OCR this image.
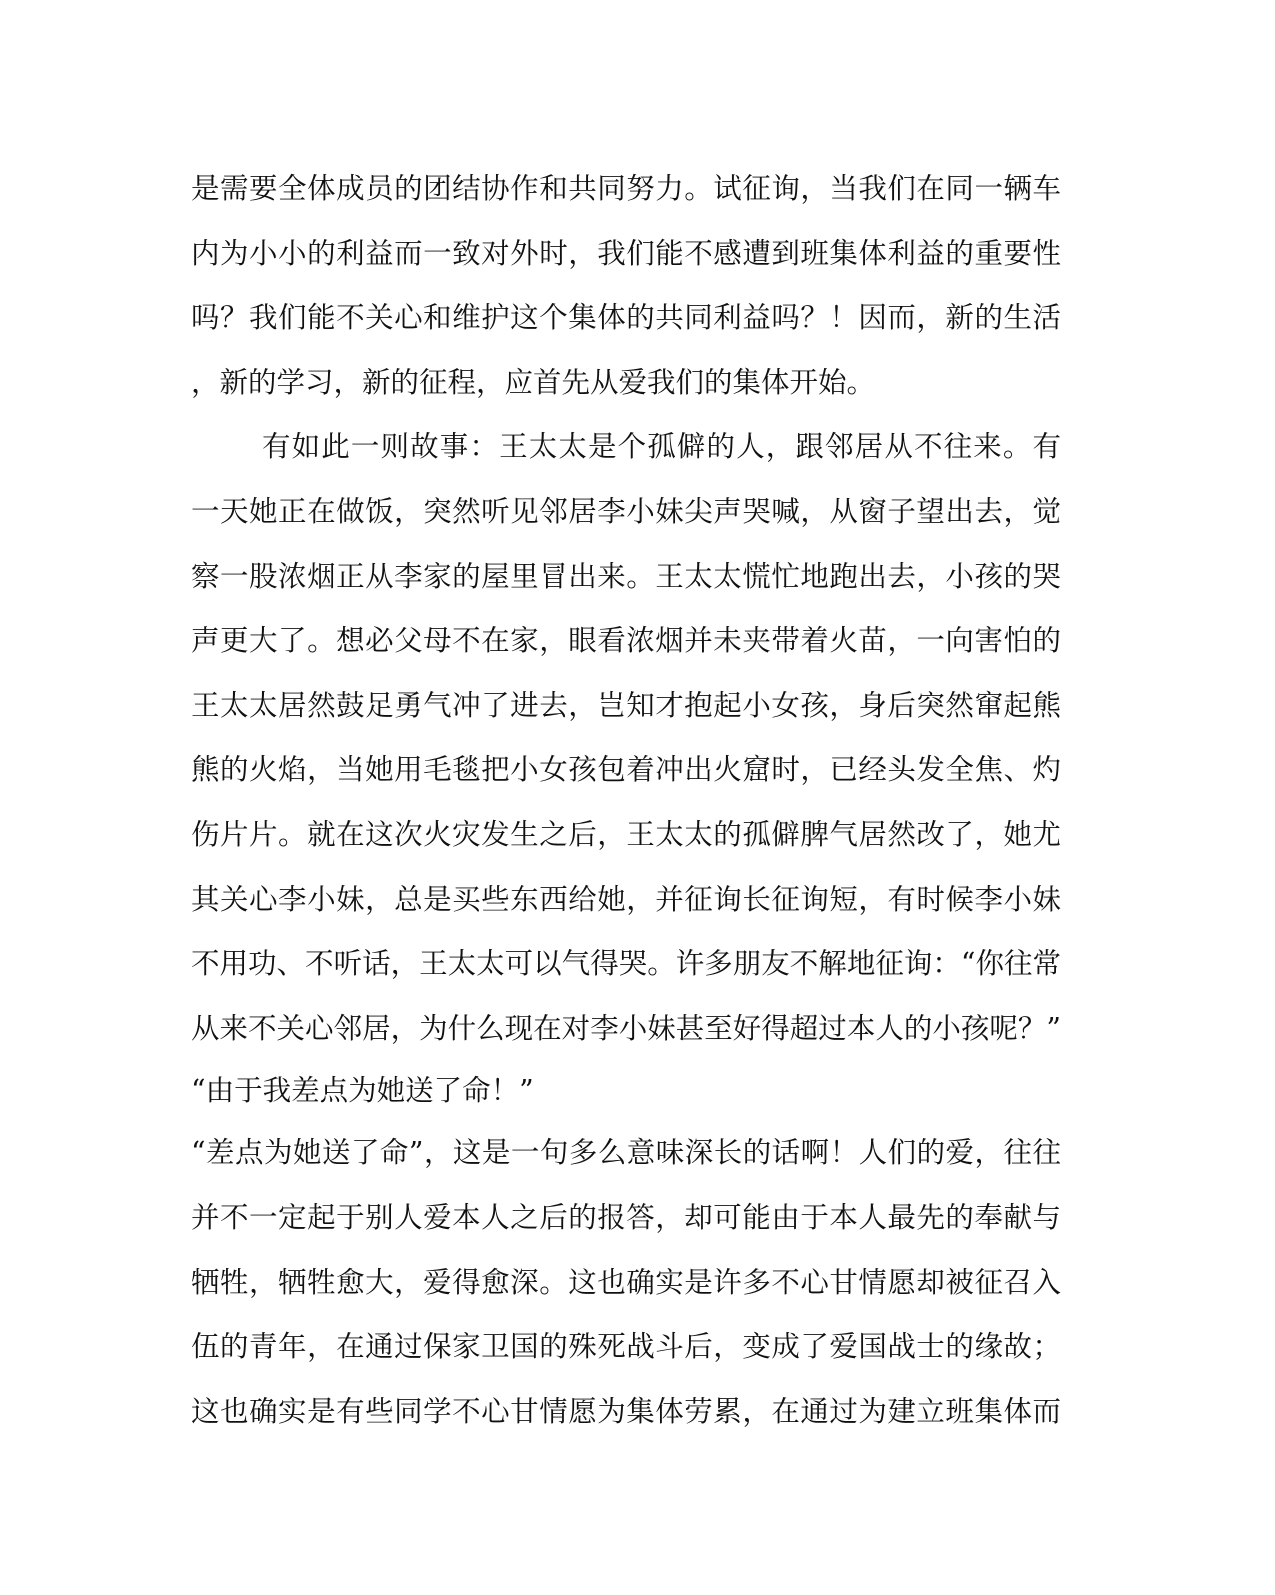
是需要全体成员的团结协作和共同努力。试征询，当我们在同一辆车
内为小小的利益而一致对外时，我们能不感遭到班集体利益的重要性
吗？我们能不关心和维护这个集体的共同利益吗？！因而，新的生活
，新的学习，新的征程，应首先从爱我们的集体开始。
有如此一则故事：王太太是个孤僻的人，跟邻居从不往来。有
一天她正在做饭，突然听见邻居李小妹尖声哭喊，从窗子望出去，觉
察一股浓烟正从李家的屋里冒出来。王太太慌忙地跑出去，小孩的哭
声更大了。想必父母不在家，眼看浓烟并未夹带着火苗，一向害怕的
王太太居然鼓足勇气冲了进去，岂知才抱起小女孩，身后突然窜起熊
熊的火焰，当她用毛毯把小女孩包着冲出火窟时，已经头发全焦、灼
伤片片。就在这次火灾发生之后，王太太的孤僻脾气居然改了，她尤
其关心李小妹，总是买些东西给她，并征询长征询短，有时候李小妹
不用功、不听话，王太太可以气得哭。许多朋友不解地征询：“你往常
从来不关心邻居，为什么现在对李小妹甚至好得超过本人的小孩呢？”
“由于我差点为她送了命！”
“差点为她送了命”，这是一句多么意味深长的话啊！人们的爱，往往
并不一定起于别人爱本人之后的报答，却可能由于本人最先的奉献与
牺牲，牺牲愈大，爱得愈深。这也确实是许多不心甘情愿却被征召入
伍的青年，在通过保家卫国的殊死战斗后，变成了爱国战士的缘故；
这也确实是有些同学不心甘情愿为集体劳累，在通过为建立班集体而
